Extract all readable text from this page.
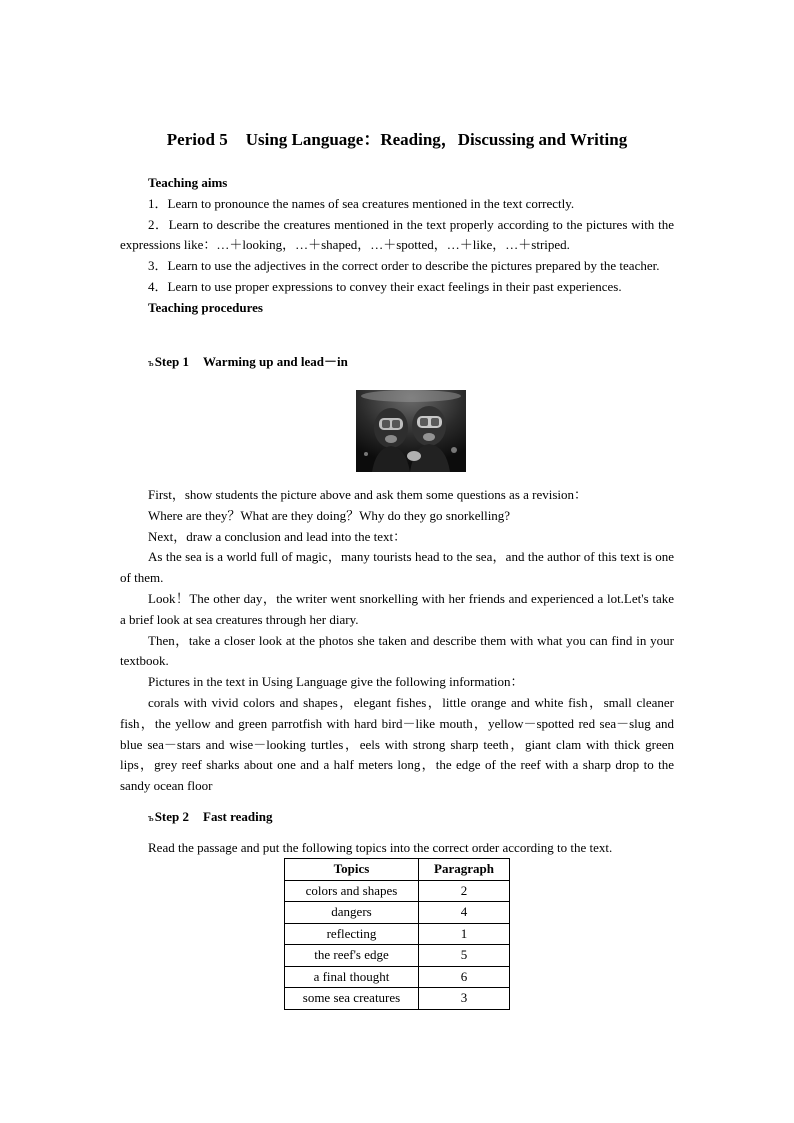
Period 5 Using Language：Reading，Discussing and Writing

Teaching aims

1．Learn to pronounce the names of sea creatures mentioned in the text correctly.

2．Learn to describe the creatures mentioned in the text properly according to the pictures with the expressions like：…＋looking，…＋shaped，…＋spotted，…＋like，…＋striped.

3．Learn to use the adjectives in the correct order to describe the pictures prepared by the teacher.

4．Learn to use proper expressions to convey their exact feelings in their past experiences.

Teaching procedures

ъStep 1 Warming up and lead－in

First，show students the picture above and ask them some questions as a revision：

Where are they？What are they doing？Why do they go snorkelling?

Next，draw a conclusion and lead into the text：

As the sea is a world full of magic，many tourists head to the sea，and the author of this text is one of them.

Look！The other day，the writer went snorkelling with her friends and experienced a lot.Let's take a brief look at sea creatures through her diary.

Then，take a closer look at the photos she taken and describe them with what you can find in your textbook.

Pictures in the text in Using Language give the following information：

corals with vivid colors and shapes，elegant fishes，little orange and white fish，small cleaner fish，the yellow and green parrotfish with hard bird－like mouth，yellow－spotted red sea－slug and blue sea－stars and wise－looking turtles，eels with strong sharp teeth，giant clam with thick green lips，grey reef sharks about one and a half meters long，the edge of the reef with a sharp drop to the sandy ocean floor

ъStep 2 Fast reading

Read the passage and put the following topics into the correct order according to the text.

Topics	Paragraph
colors and shapes	2
dangers	4
reflecting	1
the reef's edge	5
a final thought	6
some sea creatures	3
